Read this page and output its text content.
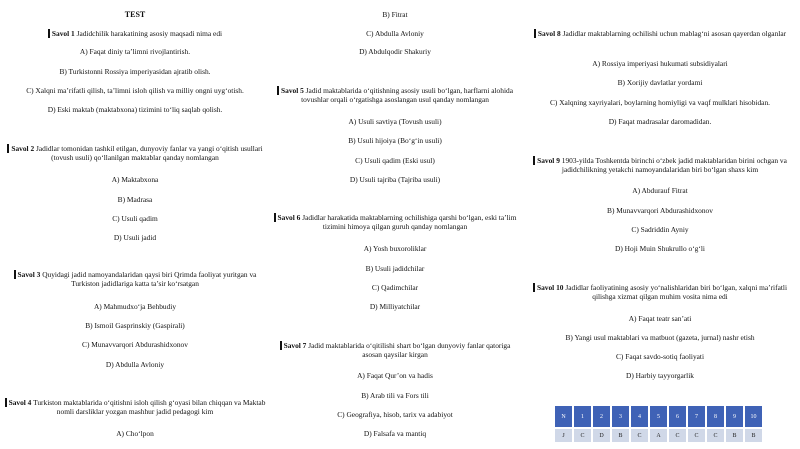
TEST
Savol 1 Jadidchilik harakatining asosiy maqsadi nima edi
A) Faqat diniy ta’limni rivojlantirish.
B) Turkistonni Rossiya imperiyasidan ajratib olish.
C) Xalqni ma’rifatli qilish, ta’limni isloh qilish va milliy ongni uyg‘otish.
D) Eski maktab (maktabxona) tizimini to‘liq saqlab qolish.
Savol 2 Jadidlar tomonidan tashkil etilgan, dunyoviy fanlar va yangi o‘qitish usullari (tovush usuli) qo‘llanilgan maktablar qanday nomlangan
A) Maktabxona
B) Madrasa
C) Usuli qadim
D) Usuli jadid
Savol 3 Quyidagi jadid namoyandalaridan qaysi biri Qrimda faoliyat yuritgan va Turkiston jadidlariga katta ta’sir ko‘rsatgan
A) Mahmudxo‘ja Behbudiy
B) Ismoil Gasprinskiy (Gaspirali)
C) Munavvarqori Abdurashidxonov
D) Abdulla Avloniy
Savol 4 Turkiston maktablarida o‘qitishni isloh qilish g‘oyasi bilan chiqqan va Maktab nomli darsliklar yozgan mashhur jadid pedagogi kim
A) Cho‘lpon
B) Fitrat
C) Abdulla Avloniy
D) Abdulqodir Shakuriy
Savol 5 Jadid maktablarida o‘qitishning asosiy usuli bo‘lgan, harflarni alohida tovushlar orqali o‘rgatishga asoslangan usul qanday nomlangan
A) Usuli savtiya (Tovush usuli)
B) Usuli hijoiya (Bo‘g‘in usuli)
C) Usuli qadim (Eski usul)
D) Usuli tajriba (Tajriba usuli)
Savol 6 Jadidlar harakatida maktablarning ochilishiga qarshi bo‘lgan, eski ta’lim tizimini himoya qilgan guruh qanday nomlangan
A) Yosh buxoroliklar
B) Usuli jadidchilar
C) Qadimchilar
D) Milliyatchilar
Savol 7 Jadid maktablarida o‘qitilishi shart bo‘lgan dunyoviy fanlar qatoriga asosan qaysilar kirgan
A) Faqat Qur’on va hadis
B) Arab tili va Fors tili
C) Geografiya, hisob, tarix va adabiyot
D) Falsafa va mantiq
Savol 8 Jadidlar maktablarning ochilishi uchun mablag‘ni asosan qayerdan olganlar
A) Rossiya imperiyasi hukumati subsidiyalari
B) Xorijiy davlatlar yordami
C) Xalqning xayriyalari, boylarning homiyligi va vaqf mulklari hisobidan.
D) Faqat madrasalar daromadidan.
Savol 9 1903-yilda Toshkentda birinchi o‘zbek jadid maktablaridan birini ochgan va jadidchilikning yetakchi namoyandalaridan biri bo‘lgan shaxs kim
A) Abdurauf Fitrat
B) Munavvarqori Abdurashidxonov
C) Sadriddin Ayniy
D) Hoji Muin Shukrullo o‘g‘li
Savol 10 Jadidlar faoliyatining asosiy yo‘nalishlaridan biri bo‘lgan, xalqni ma’rifatli qilishga xizmat qilgan muhim vosita nima edi
A) Faqat teatr san’ati
B) Yangi usul maktablari va matbuot (gazeta, jurnal) nashr etish
C) Faqat savdo-sotiq faoliyati
D) Harbiy tayyorgarlik
N	1	2	3	4	5	6	7	8	9	10
J	C	D	B	C	A	C	C	C	B	B
